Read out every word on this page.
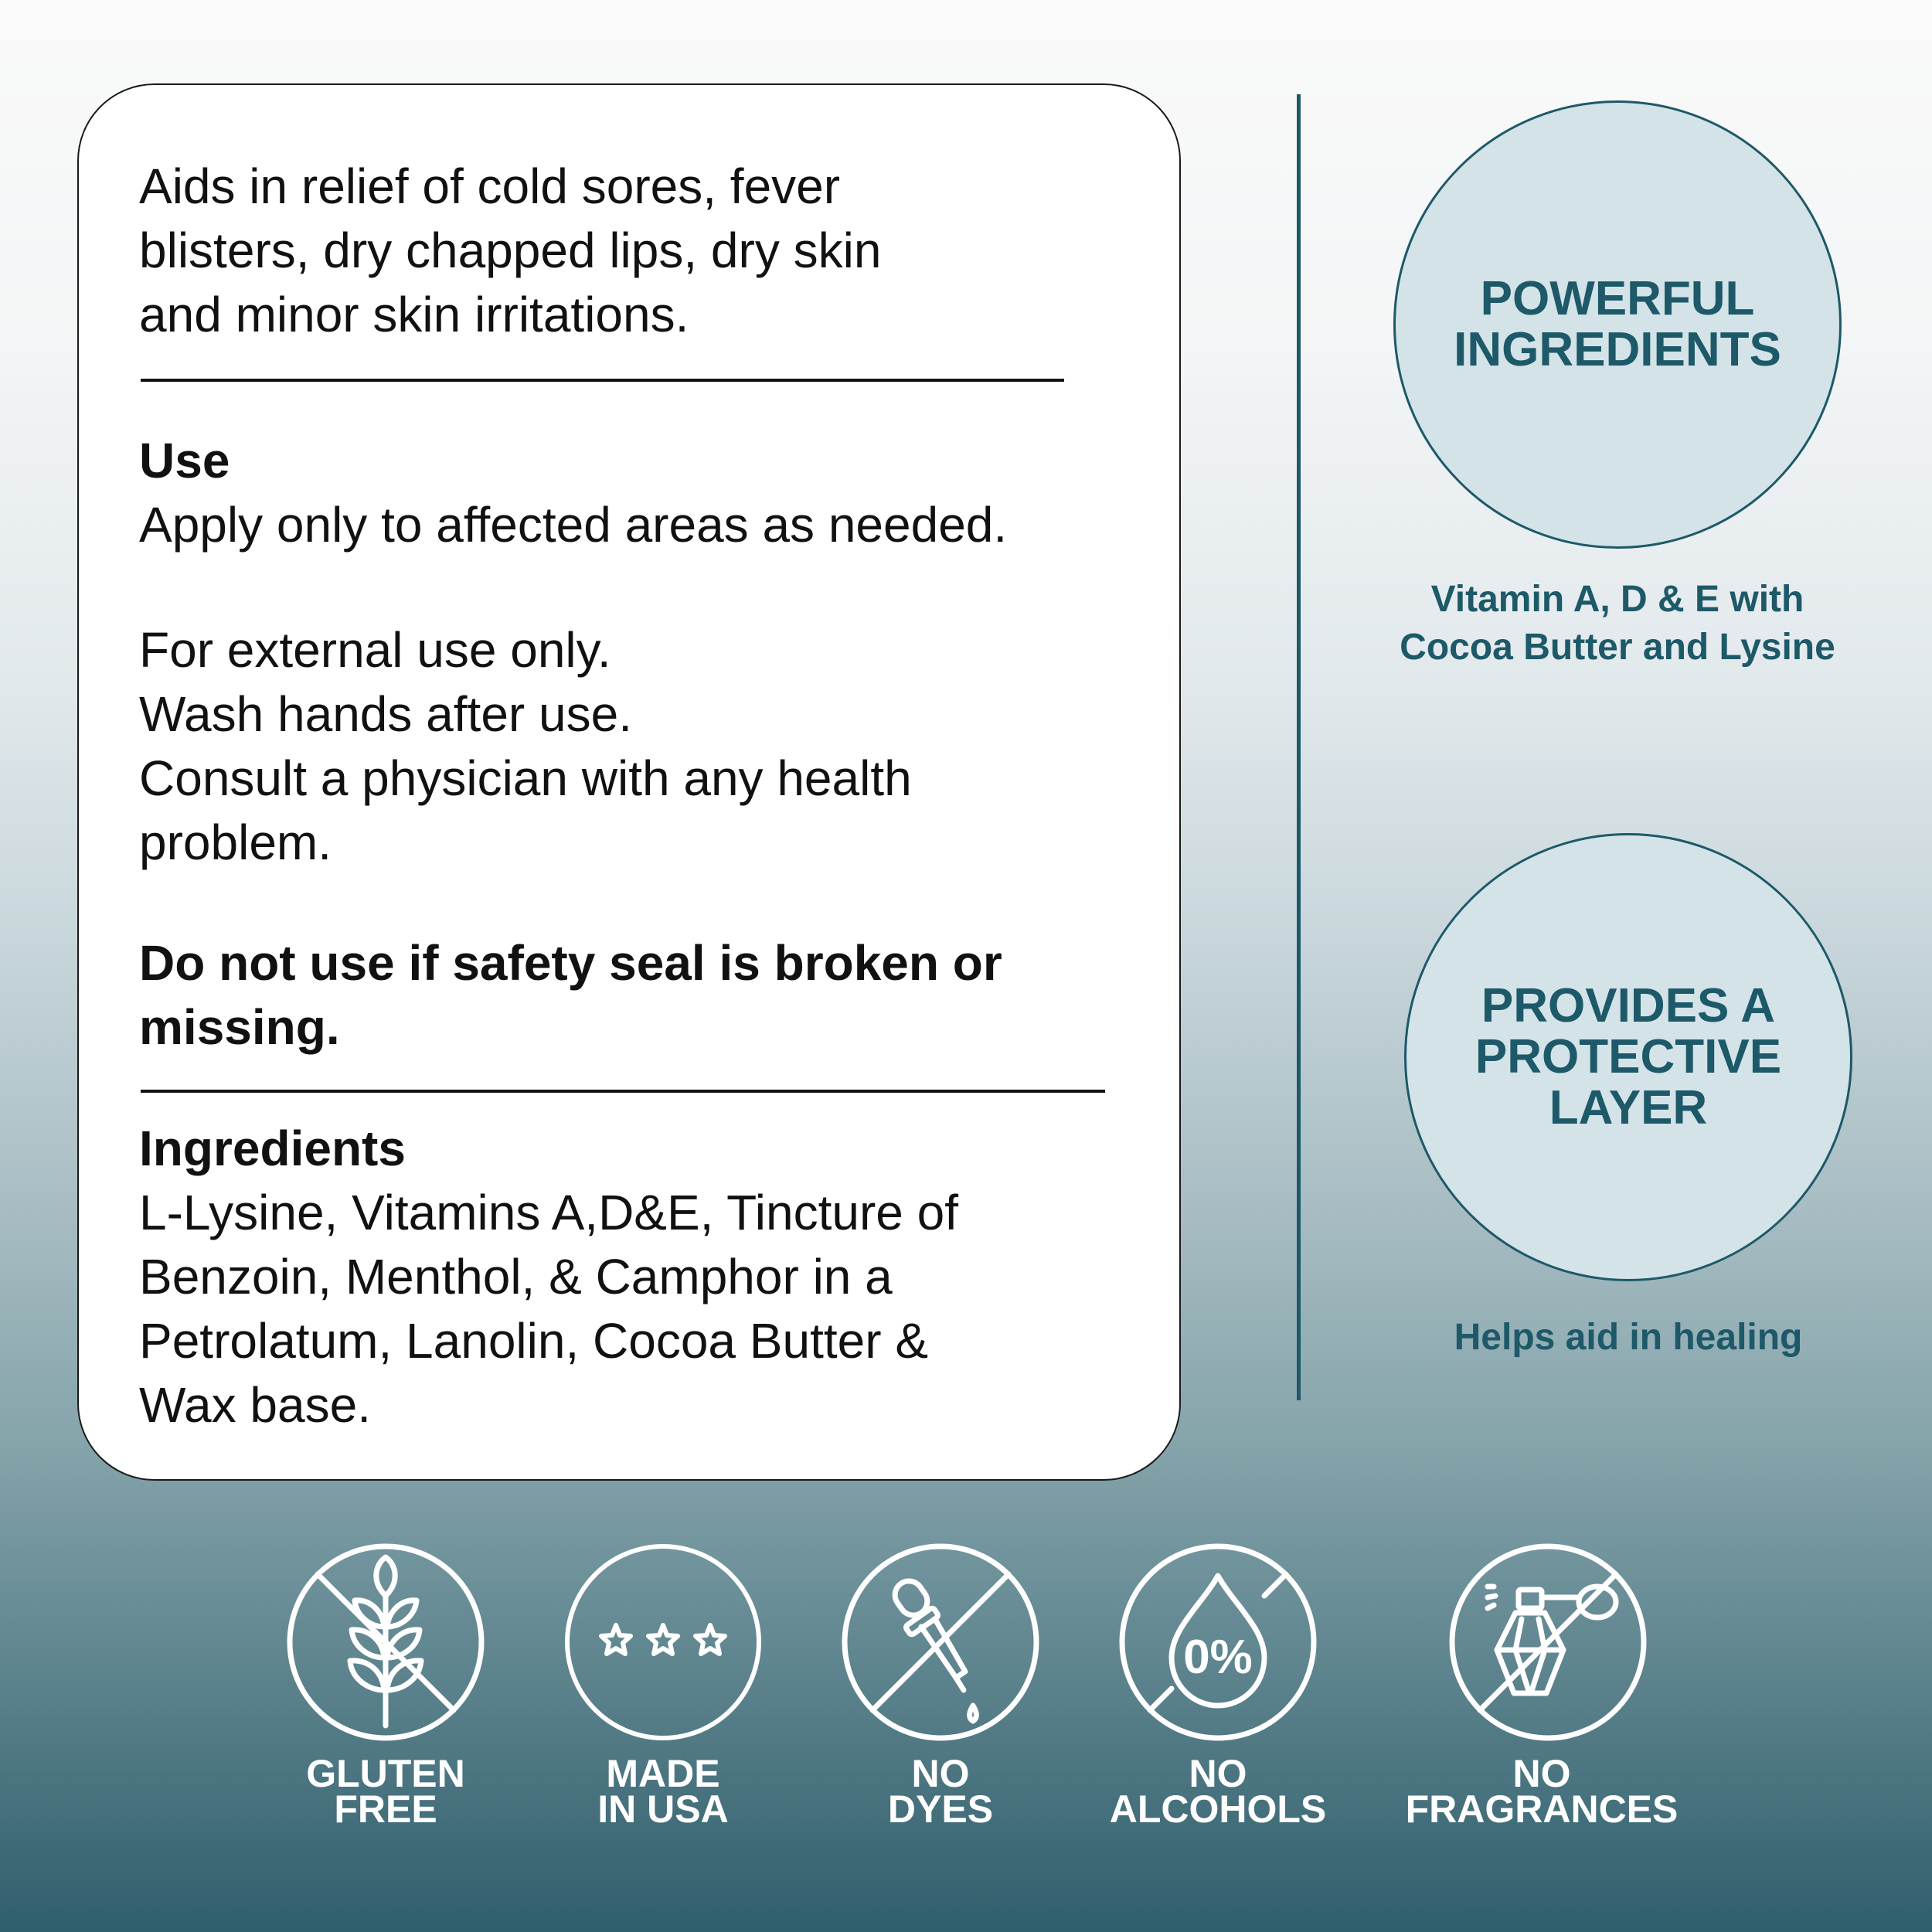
Aids in relief of cold sores, fever
blisters, dry chapped lips, dry skin
and minor skin irritations.

Use

Apply only to affected areas as needed.

For external use only.
Wash hands after use.
Consult a physician with any health
problem.

Do not use if safety seal is broken or
missing.

Ingredients

L-Lysine, Vitamins A,D&E, Tincture of
Benzoin, Menthol, & Camphor in a
Petrolatum, Lanolin, Cocoa Butter &
Wax base.

POWERFUL
INGREDIENTS
Vitamin A, D & E with
Cocoa Butter and Lysine
PROVIDES A
PROTECTIVE
LAYER
Helps aid in healing
GLUTEN
FREE
MADE
IN USA
NO
DYES
0%
NO
ALCOHOLS
NO
FRAGRANCES
